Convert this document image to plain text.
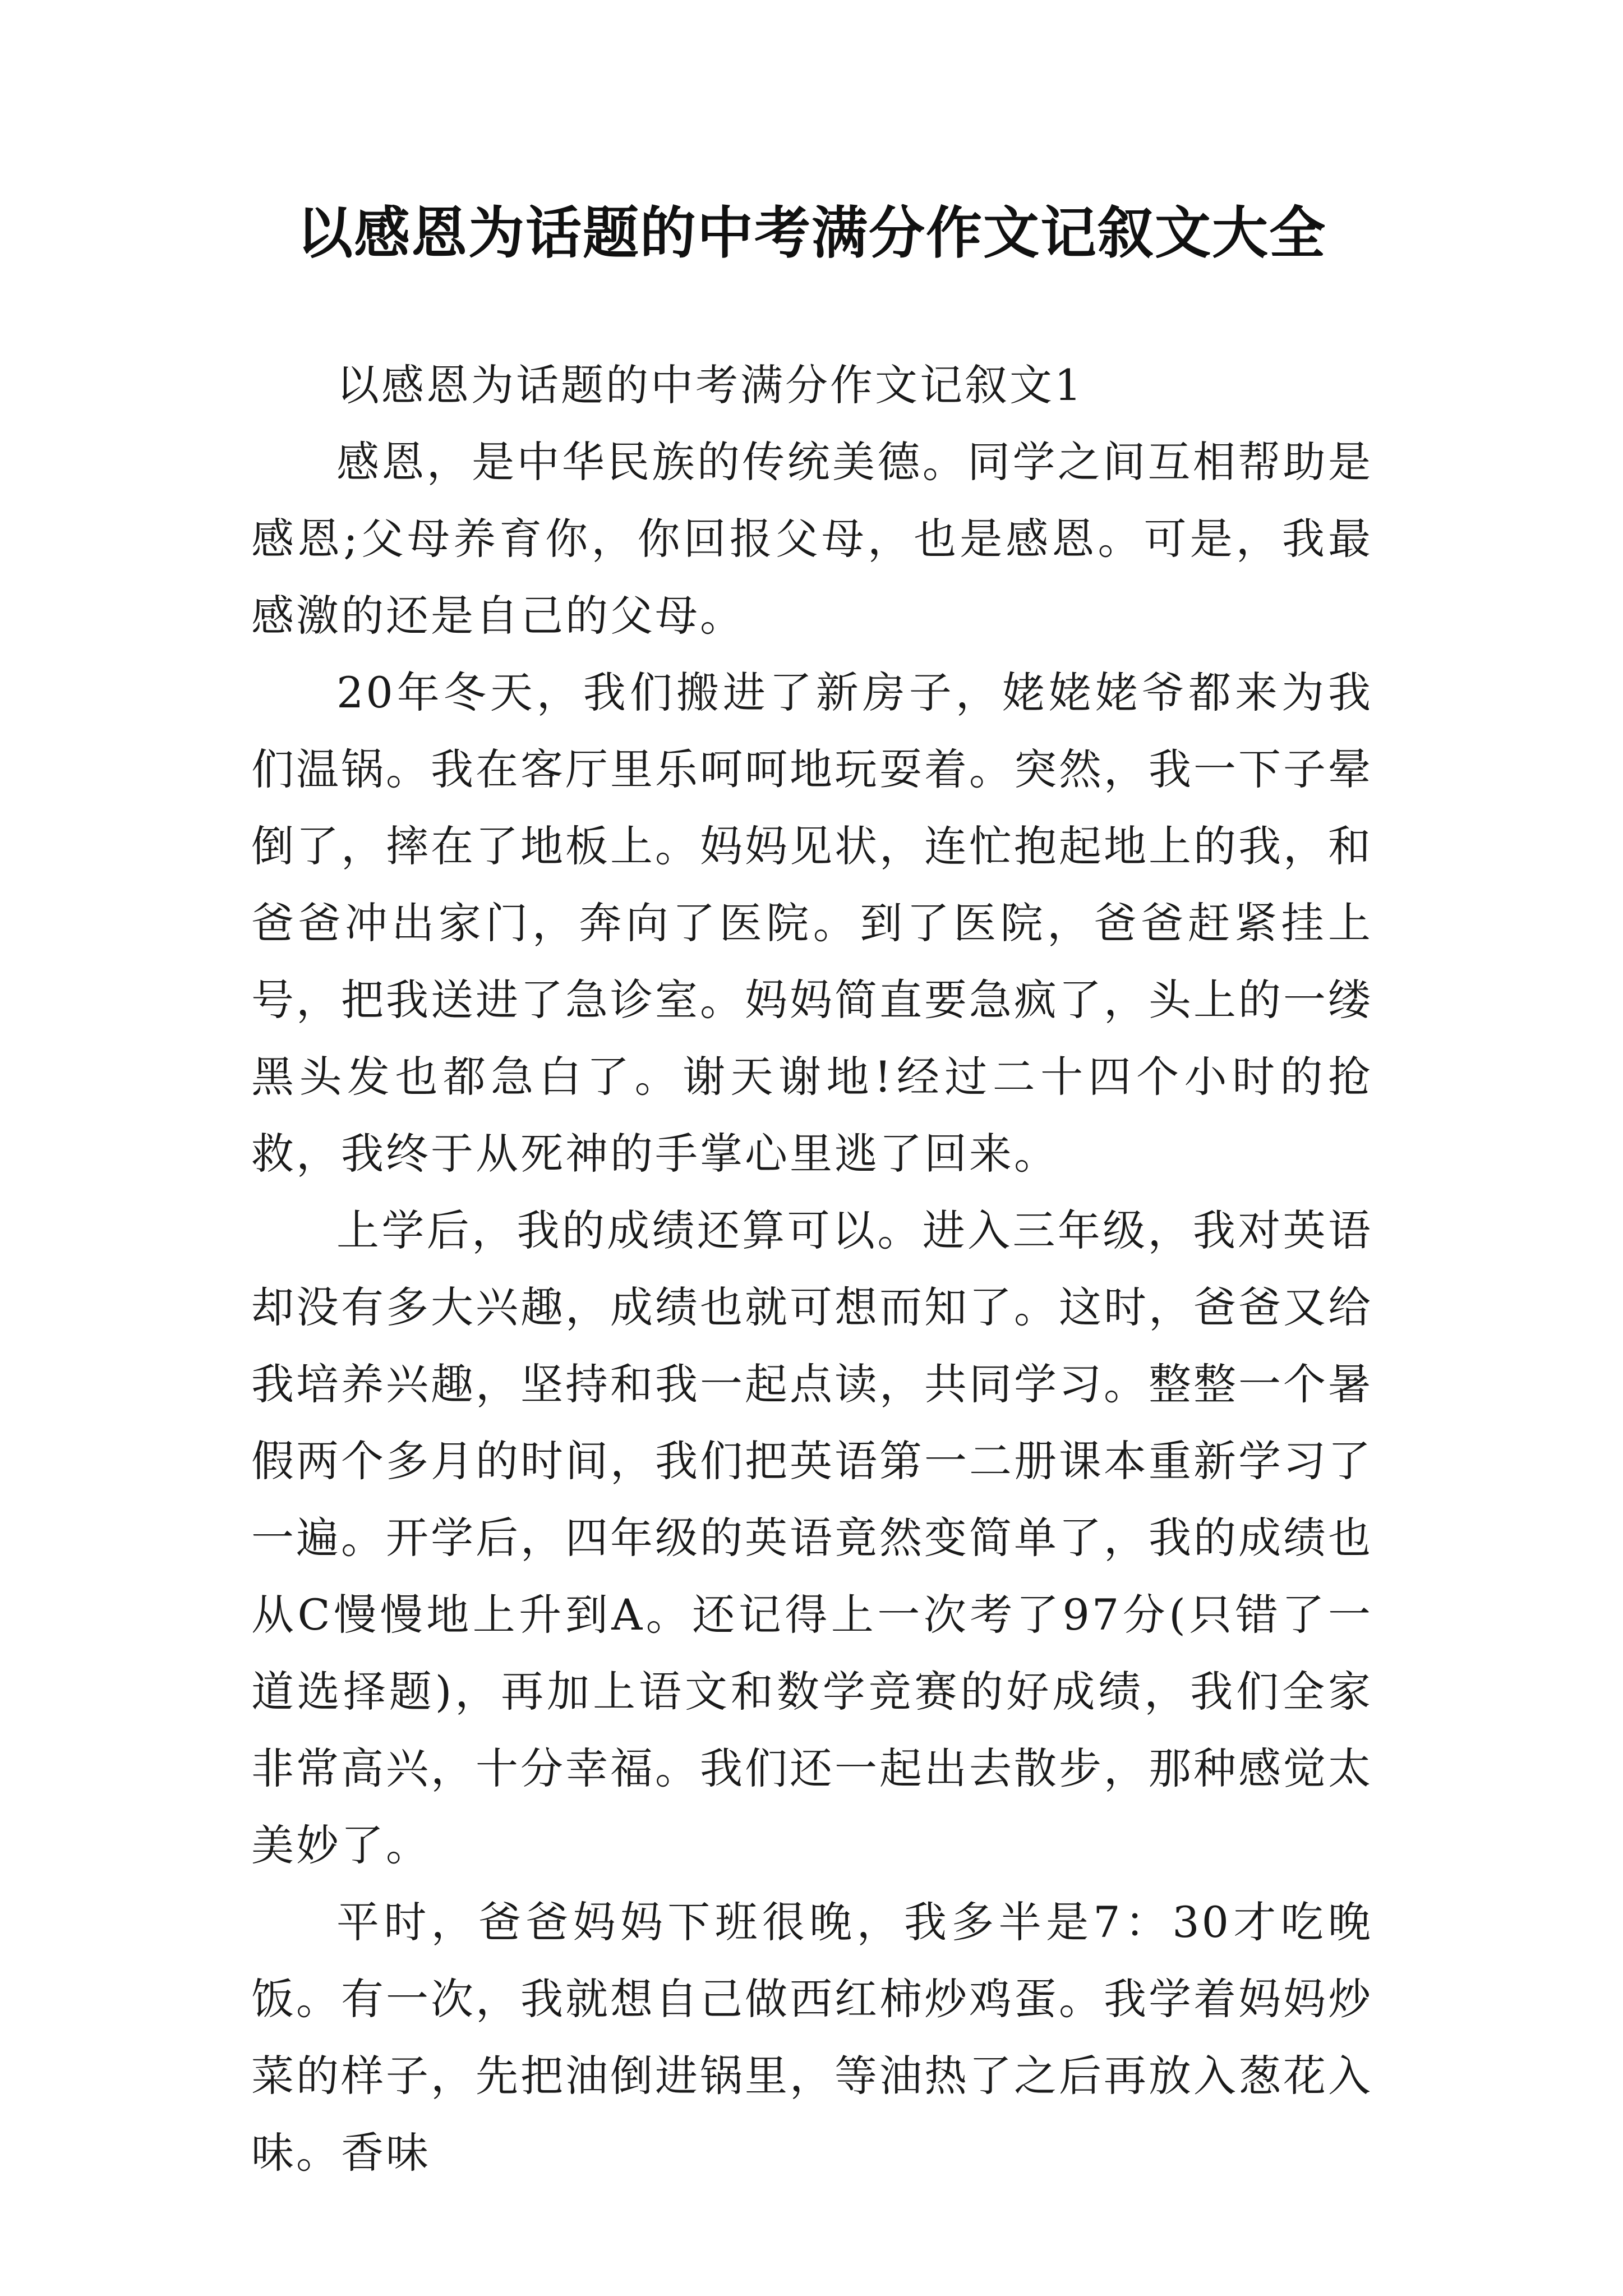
以感恩为话题的中考满分作文记叙文大全

以感恩为话题的中考满分作文记叙文1

感恩，是中华民族的传统美德。同学之间互相帮助是感恩;父母养育你，你回报父母，也是感恩。可是，我最感激的还是自己的父母。

20年冬天，我们搬进了新房子，姥姥姥爷都来为我们温锅。我在客厅里乐呵呵地玩耍着。突然，我一下子晕倒了，摔在了地板上。妈妈见状，连忙抱起地上的我，和爸爸冲出家门，奔向了医院。到了医院，爸爸赶紧挂上号，把我送进了急诊室。妈妈简直要急疯了，头上的一缕黑头发也都急白了。谢天谢地!经过二十四个小时的抢救，我终于从死神的手掌心里逃了回来。

上学后，我的成绩还算可以。进入三年级，我对英语却没有多大兴趣，成绩也就可想而知了。这时，爸爸又给我培养兴趣，坚持和我一起点读，共同学习。整整一个暑假两个多月的时间，我们把英语第一二册课本重新学习了一遍。开学后，四年级的英语竟然变简单了，我的成绩也从C慢慢地上升到A。还记得上一次考了97分(只错了一道选择题)，再加上语文和数学竞赛的好成绩，我们全家非常高兴，十分幸福。我们还一起出去散步，那种感觉太美妙了。

平时，爸爸妈妈下班很晚，我多半是7：30才吃晚饭。有一次，我就想自己做西红柿炒鸡蛋。我学着妈妈炒菜的样子，先把油倒进锅里，等油热了之后再放入葱花入味。香味
